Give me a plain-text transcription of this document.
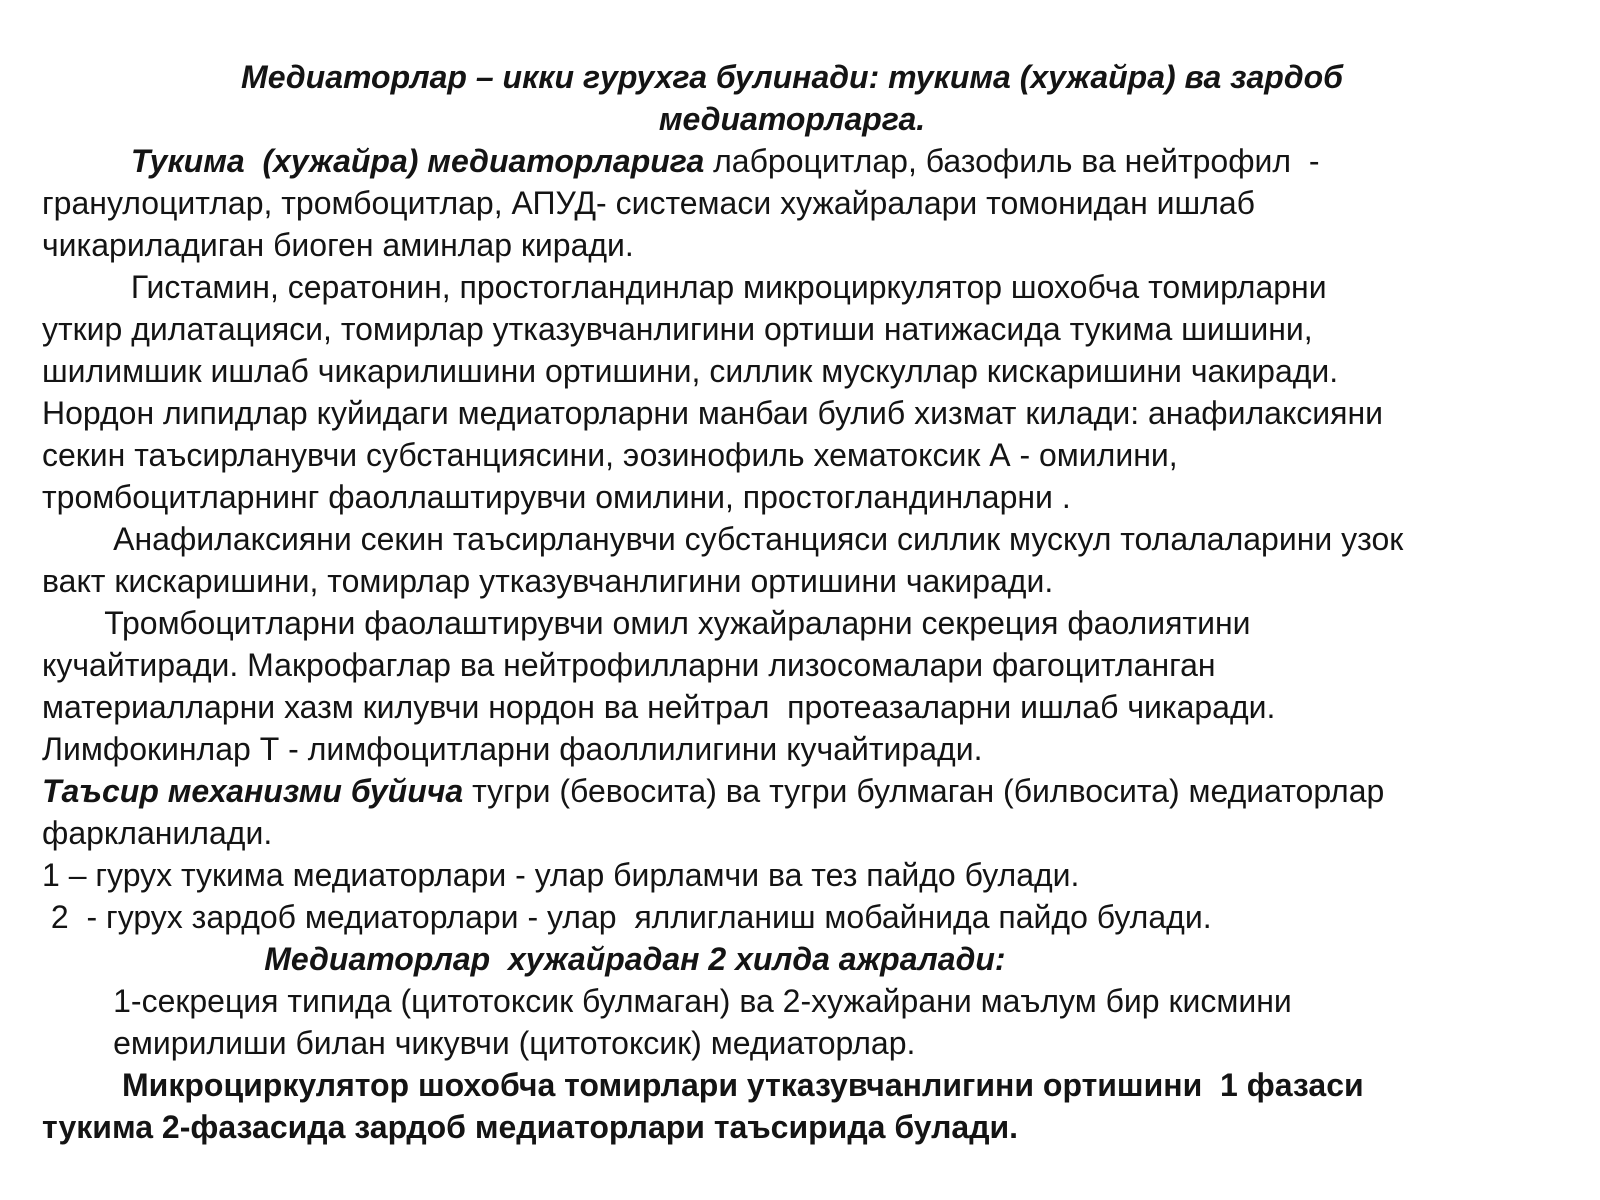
Медиаторлар – икки гурухга булинади: тукима (хужайра) ва зардоб
медиаторларга.
Тукима  (хужайра) медиаторларига лаброцитлар, базофиль ва нейтрофил  -
гранулоцитлар, тромбоцитлар, АПУД- системаси хужайралари томонидан ишлаб
чикариладиган биоген аминлар киради.
Гистамин, сератонин, простогландинлар микроциркулятор шохобча томирларни
уткир дилатацияси, томирлар утказувчанлигини ортиши натижасида тукима шишини,
шилимшик ишлаб чикарилишини ортишини, силлик мускуллар кискаришини чакиради.
Нордон липидлар куйидаги медиаторларни манбаи булиб хизмат килади: анафилаксияни
секин таъсирланувчи субстанциясини, эозинофиль хематоксик А - омилини,
тромбоцитларнинг фаоллаштирувчи омилини, простогландинларни .
Анафилаксияни секин таъсирланувчи субстанцияси силлик мускул толалаларини узок
вакт кискаришини, томирлар утказувчанлигини ортишини чакиради.
Тромбоцитларни фаолаштирувчи омил хужайраларни секреция фаолиятини
кучайтиради. Макрофаглар ва нейтрофилларни лизосомалари фагоцитланган
материалларни хазм килувчи нордон ва нейтрал  протеазаларни ишлаб чикаради.
Лимфокинлар Т - лимфоцитларни фаоллилигини кучайтиради.
Таъсир механизми буйича тугри (бевосита) ва тугри булмаган (билвосита) медиаторлар
фаркланилади.
1 – гурух тукима медиаторлари - улар бирламчи ва тез пайдо булади.
2  - гурух зардоб медиаторлари - улар  яллигланиш мобайнида пайдо булади.
Медиаторлар  хужайрадан 2 хилда ажралади:
1-секреция типида (цитотоксик булмаган) ва 2-хужайрани маълум бир кисмини
емирилиши билан чикувчи (цитотоксик) медиаторлар.
Микроциркулятор шохобча томирлари утказувчанлигини ортишини  1 фазаси
тукима 2-фазасида зардоб медиаторлари таъсирида булади.
